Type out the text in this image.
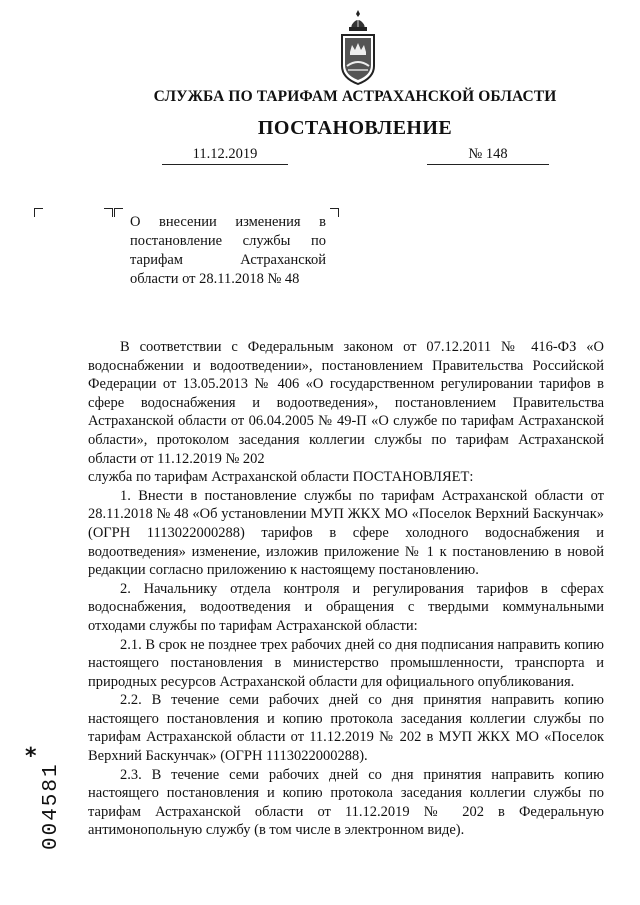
СЛУЖБА ПО ТАРИФАМ АСТРАХАНСКОЙ ОБЛАСТИ
ПОСТАНОВЛЕНИЕ
11.12.2019	№ 148
О внесении изменения в
постановление службы по
тарифам Астраханской
области от 28.11.2018 № 48

В соответствии с Федеральным законом от 07.12.2011 № 416-ФЗ «О водоснабжении и водоотведении», постановлением Правительства Российской Федерации от 13.05.2013 № 406 «О государственном регулировании тарифов в сфере водоснабжения и водоотведения», постановлением Правительства Астраханской области от 06.04.2005 № 49-П «О службе по тарифам Астраханской области», протоколом заседания коллегии службы по тарифам Астраханской области от 11.12.2019 № 202

служба по тарифам Астраханской области ПОСТАНОВЛЯЕТ:

1. Внести в постановление службы по тарифам Астраханской области от 28.11.2018 № 48 «Об установлении МУП ЖКХ МО «Поселок Верхний Баскунчак» (ОГРН 1113022000288) тарифов в сфере холодного водоснабжения и водоотведения» изменение, изложив приложение № 1 к постановлению в новой редакции согласно приложению к настоящему постановлению.

2. Начальнику отдела контроля и регулирования тарифов в сферах водоснабжения, водоотведения и обращения с твердыми коммунальными отходами службы по тарифам Астраханской области:

2.1. В срок не позднее трех рабочих дней со дня подписания направить копию настоящего постановления в министерство промышленности, транспорта и природных ресурсов Астраханской области для официального опубликования.

2.2. В течение семи рабочих дней со дня принятия направить копию настоящего постановления и копию протокола заседания коллегии службы по тарифам Астраханской области от 11.12.2019 № 202 в МУП ЖКХ МО «Поселок Верхний Баскунчак» (ОГРН 1113022000288).

2.3. В течение семи рабочих дней со дня принятия направить копию настоящего постановления и копию протокола заседания коллегии службы по тарифам Астраханской области от 11.12.2019 № 202 в Федеральную антимонопольную службу (в том числе в электронном виде).

*
004581
